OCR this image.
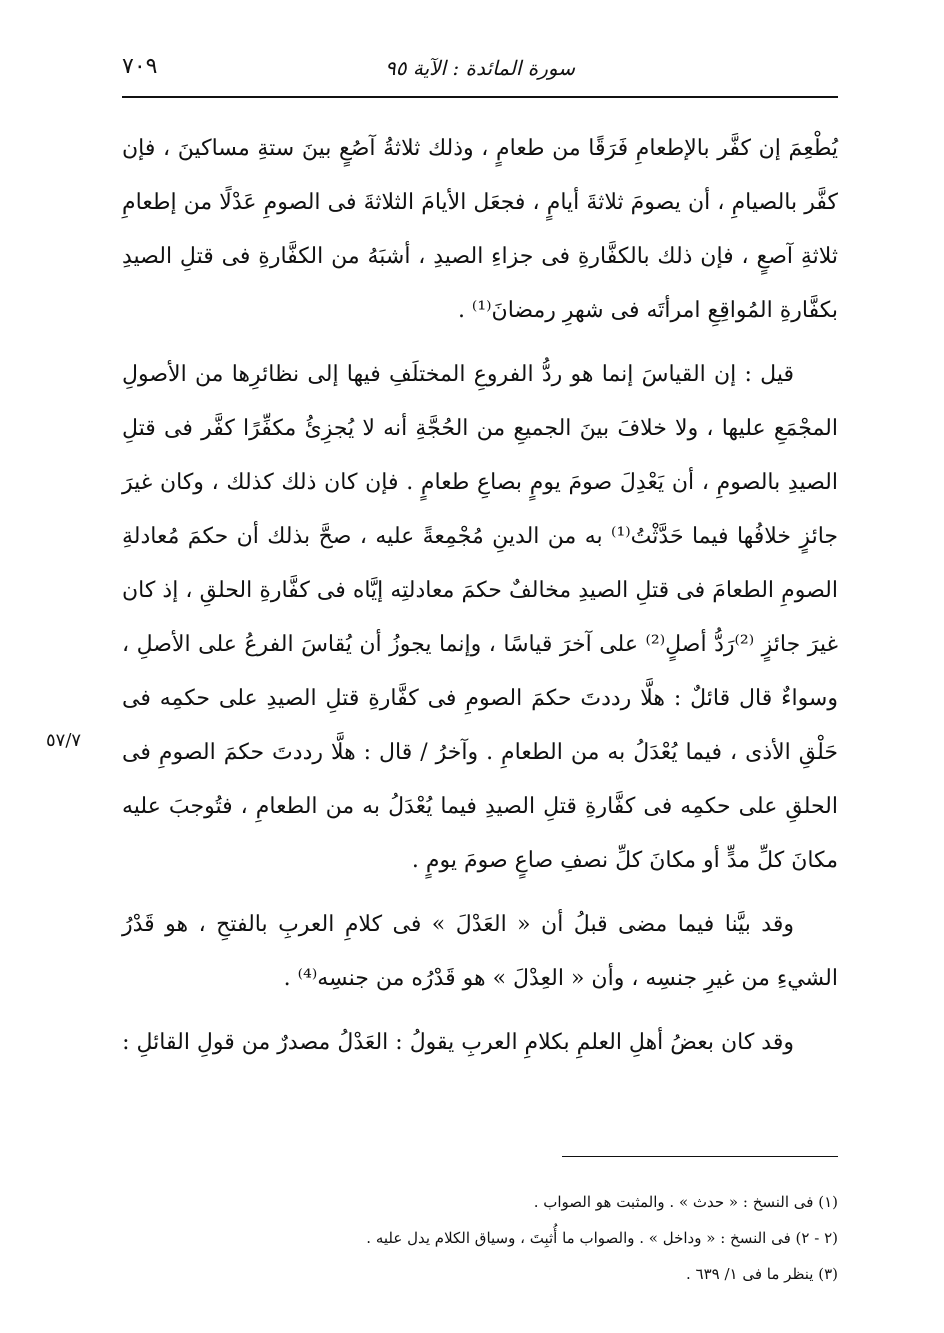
سورة المائدة : الآية ٩٥
٧٠٩

يُطْعِمَ إن كفَّر بالإطعامِ فَرَقًا من طعامٍ ، وذلك ثلاثةُ آصُعٍ بينَ ستةِ مساكينَ ، فإن كفَّر بالصيامِ ، أن يصومَ ثلاثةَ أيامٍ ، فجعَل الأيامَ الثلاثةَ فى الصومِ عَدْلًا من إطعامِ ثلاثةِ آصعٍ ، فإن ذلك بالكفَّارةِ فى جزاءِ الصيدِ ، أشبَهُ من الكفَّارةِ فى قتلِ الصيدِ بكفَّارةِ المُواقِعِ امرأتَه فى شهرِ رمضانَ⁽¹⁾ .

قيل : إن القياسَ إنما هو ردُّ الفروعِ المختلَفِ فيها إلى نظائرِها من الأصولِ المجْمَعِ عليها ، ولا خلافَ بينَ الجميعِ من الحُجَّةِ أنه لا يُجزِئُ مكفِّرًا كفَّر فى قتلِ الصيدِ بالصومِ ، أن يَعْدِلَ صومَ يومٍ بصاعِ طعامٍ . فإن كان ذلك كذلك ، وكان غيرَ جائزٍ خلافُها فيما حَدَّثْتُ⁽¹⁾ به من الدينِ مُجْمِعةً عليه ، صحَّ بذلك أن حكمَ مُعادلةِ الصومِ الطعامَ فى قتلِ الصيدِ مخالفٌ حكمَ معادلتِه إيَّاه فى كفَّارةِ الحلقِ ، إذ كان غيرَ جائزٍ ⁽²⁾رَدُّ أصلٍ⁽²⁾ على آخرَ قياسًا ، وإنما يجوزُ أن يُقاسَ الفرعُ على الأصلِ ، وسواءٌ قال قائلٌ : هلَّا رددتَ حكمَ الصومِ فى كفَّارةِ قتلِ الصيدِ على حكمِه فى حَلْقِ الأذى ، فيما يُعْدَلُ به من الطعامِ . وآخرُ / قال : هلَّا رددتَ حكمَ الصومِ فى الحلقِ على حكمِه فى كفَّارةِ قتلِ الصيدِ فيما يُعْدَلُ به من الطعامِ ، فتُوجبَ عليه مكانَ كلِّ مدٍّ أو مكانَ كلِّ نصفِ صاعٍ صومَ يومٍ .

وقد بيَّنا فيما مضى قبلُ أن « العَدْلَ » فى كلامِ العربِ بالفتحِ ، هو قَدْرُ الشيءِ من غيرِ جنسِه ، وأن « العِدْلَ » هو قَدْرُه من جنسِه⁽⁴⁾ .

وقد كان بعضُ أهلِ العلمِ بكلامِ العربِ يقولُ : العَدْلُ مصدرٌ من قولِ القائلِ :

٥٧/٧

(١) فى النسخ : « حدث » . والمثبت هو الصواب .

(٢ - ٢) فى النسخ : « وداخل » . والصواب ما أُثبِتَ ، وسياق الكلام يدل عليه .

(٣) ينظر ما فى ١/ ٦٣٩ .
